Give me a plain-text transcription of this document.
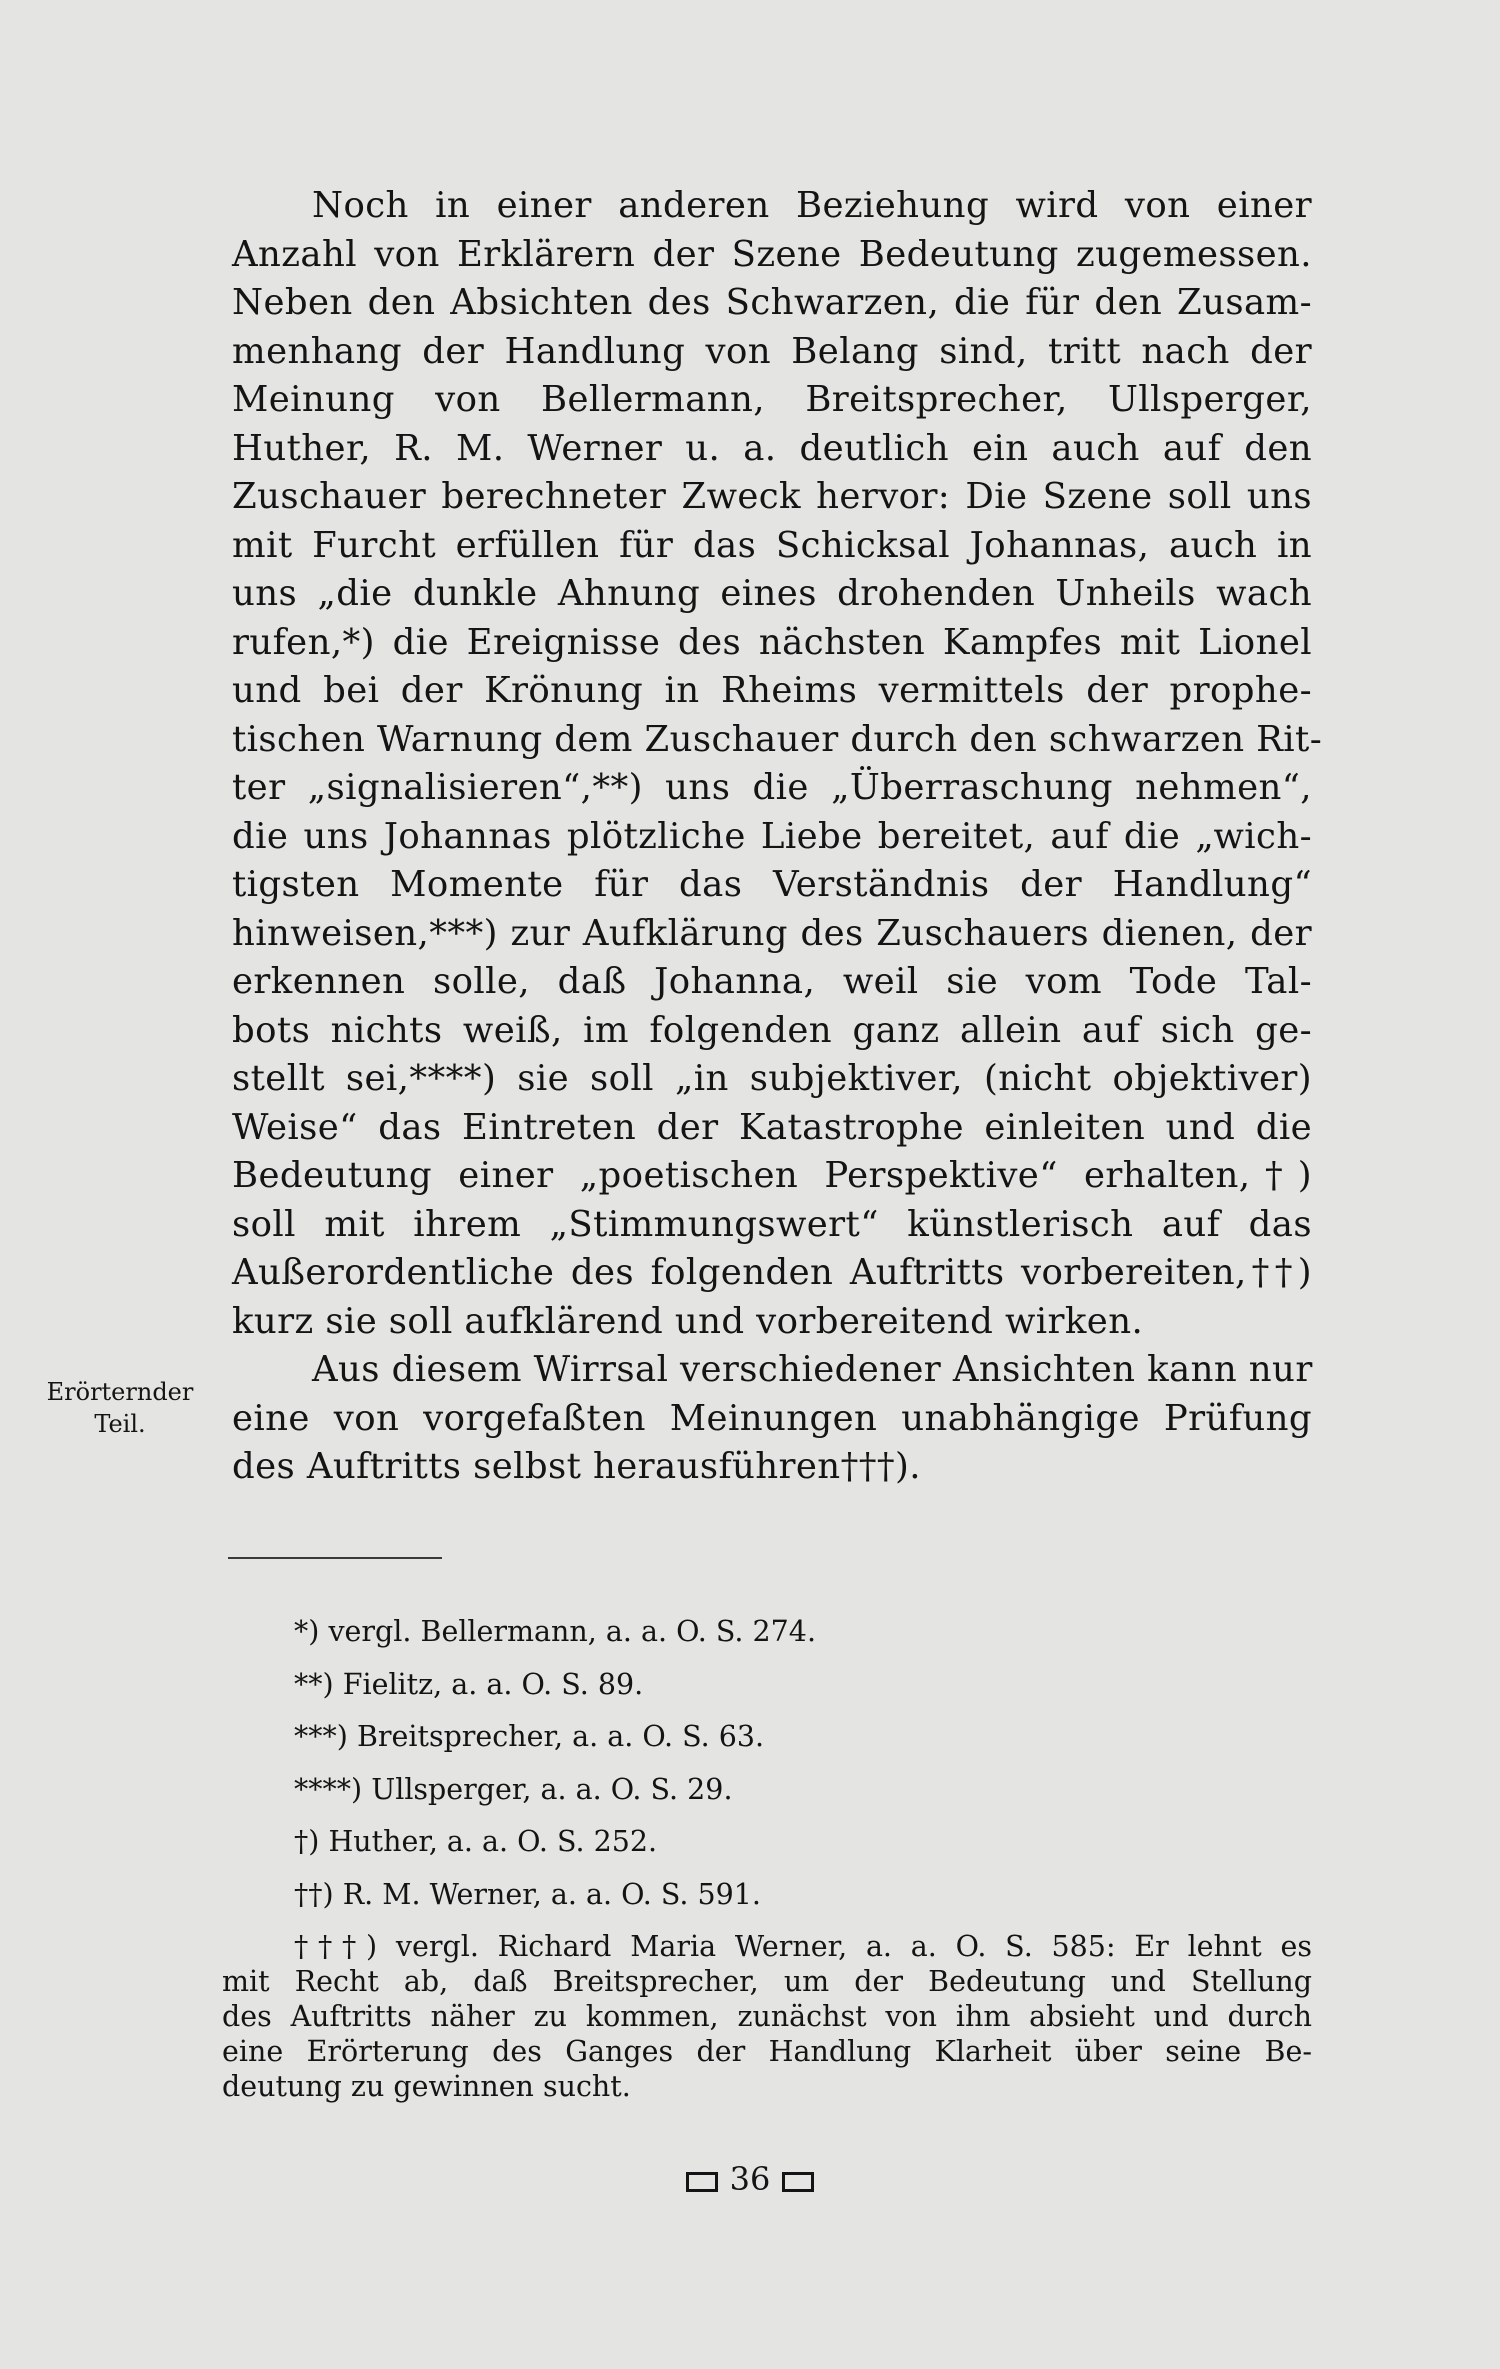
Noch in einer anderen Beziehung wird von einer
Anzahl von Erklärern der Szene Bedeutung zugemessen.
Neben den Absichten des Schwarzen, die für den Zusam-
menhang der Handlung von Belang sind, tritt nach der
Meinung von Bellermann, Breitsprecher, Ullsperger,
Huther, R. M. Werner u. a. deutlich ein auch auf den
Zuschauer berechneter Zweck hervor: Die Szene soll uns
mit Furcht erfüllen für das Schicksal Johannas, auch in
uns „die dunkle Ahnung eines drohenden Unheils wach
rufen,*) die Ereignisse des nächsten Kampfes mit Lionel
und bei der Krönung in Rheims vermittels der prophe-
tischen Warnung dem Zuschauer durch den schwarzen Rit-
ter „signalisieren“,**) uns die „Überraschung nehmen“,
die uns Johannas plötzliche Liebe bereitet, auf die „wich-
tigsten Momente für das Verständnis der Handlung“
hinweisen,***) zur Aufklärung des Zuschauers dienen, der
erkennen solle, daß Johanna, weil sie vom Tode Tal-
bots nichts weiß, im folgenden ganz allein auf sich ge-
stellt sei,****) sie soll „in subjektiver, (nicht objektiver)
Weise“ das Eintreten der Katastrophe einleiten und die
Bedeutung einer „poetischen Perspektive“ erhalten,†)
soll mit ihrem „Stimmungswert“ künstlerisch auf das
Außerordentliche des folgenden Auftritts vorbereiten,††)
kurz sie soll aufklärend und vorbereitend wirken.
Aus diesem Wirrsal verschiedener Ansichten kann nur
eine von vorgefaßten Meinungen unabhängige Prüfung
des Auftritts selbst herausführen†††).
Erörternder
Teil.
*) vergl. Bellermann, a. a. O. S. 274.
**) Fielitz, a. a. O. S. 89.
***) Breitsprecher, a. a. O. S. 63.
****) Ullsperger, a. a. O. S. 29.
†) Huther, a. a. O. S. 252.
††) R. M. Werner, a. a. O. S. 591.
†††) vergl. Richard Maria Werner, a. a. O. S. 585: Er lehnt es
mit Recht ab, daß Breitsprecher, um der Bedeutung und Stellung
des Auftritts näher zu kommen, zunächst von ihm absieht und durch
eine Erörterung des Ganges der Handlung Klarheit über seine Be-
deutung zu gewinnen sucht.
36
